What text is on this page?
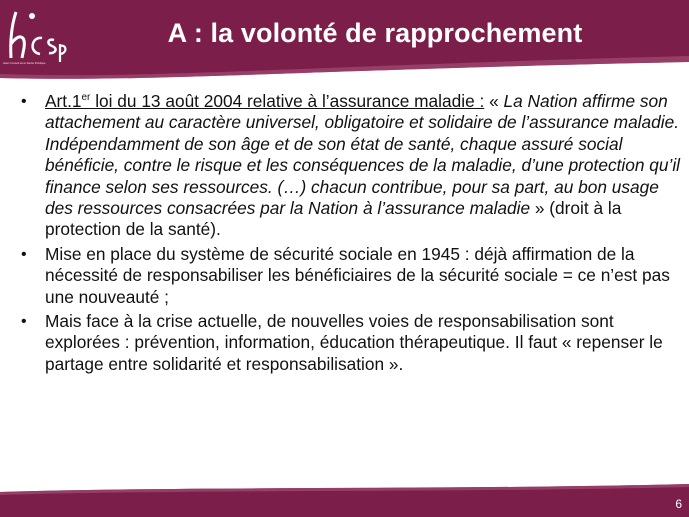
Haut Conseil de la Santé Publique
A : la volonté de rapprochement
• Art.1er loi du 13 août 2004 relative à l’assurance maladie : « La Nation affirme son attachement au caractère universel, obligatoire et solidaire de l’assurance maladie. Indépendamment de son âge et de son état de santé, chaque assuré social bénéficie, contre le risque et les conséquences de la maladie, d’une protection qu’il finance selon ses ressources. (…) chacun contribue, pour sa part, au bon usage des ressources consacrées par la Nation à l’assurance maladie » (droit à la protection de la santé).
• Mise en place du système de sécurité sociale en 1945 : déjà affirmation de la nécessité de responsabiliser les bénéficiaires de la sécurité sociale = ce n’est pas une nouveauté ;
• Mais face à la crise actuelle, de nouvelles voies de responsabilisation sont explorées : prévention, information, éducation thérapeutique. Il faut « repenser le partage entre solidarité et responsabilisation ».
6
